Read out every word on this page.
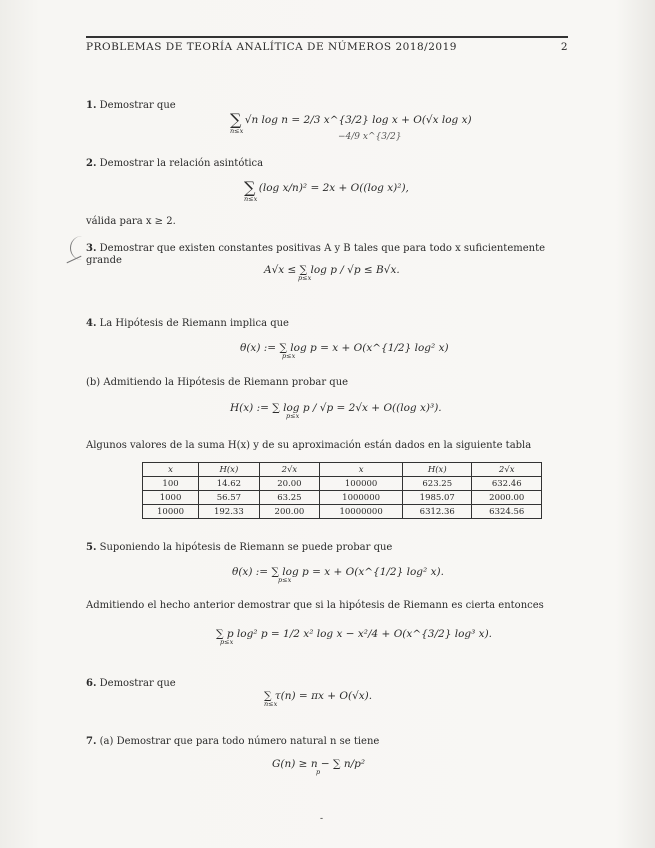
PROBLEMAS DE TEORÍA ANALÍTICA DE NÚMEROS 2018/2019	2
1. Demostrar que
∑ √n log n = 2/3 x^{3/2} log x + O(√x log x)
n≤x
−4/9 x^{3/2}
2. Demostrar la relación asintótica
∑ (log x/n)² = 2x + O((log x)²),
n≤x
válida para x ≥ 2.
3. Demostrar que existen constantes positivas A y B tales que para todo x suficientemente grande
A√x ≤ ∑ log p / √p ≤ B√x.
p≤x
4. La Hipótesis de Riemann implica que
θ(x) := ∑ log p = x + O(x^{1/2} log² x)
p≤x
(b) Admitiendo la Hipótesis de Riemann probar que
H(x) := ∑ log p / √p = 2√x + O((log x)³).
p≤x
Algunos valores de la suma H(x) y de su aproximación están dados en la siguiente tabla
x	H(x)	2√x	x	H(x)	2√x
100	14.62	20.00	100000	623.25	632.46
1000	56.57	63.25	1000000	1985.07	2000.00
10000	192.33	200.00	10000000	6312.36	6324.56
5. Suponiendo la hipótesis de Riemann se puede probar que
θ(x) := ∑ log p = x + O(x^{1/2} log² x).
p≤x
Admitiendo el hecho anterior demostrar que si la hipótesis de Riemann es cierta entonces
∑ p log² p = 1/2 x² log x − x²/4 + O(x^{3/2} log³ x).
p≤x
6. Demostrar que
∑ τ(n) = πx + O(√x).
n≤x
7. (a) Demostrar que para todo número natural n se tiene
G(n) ≥ n − ∑ n/p²
p
-
